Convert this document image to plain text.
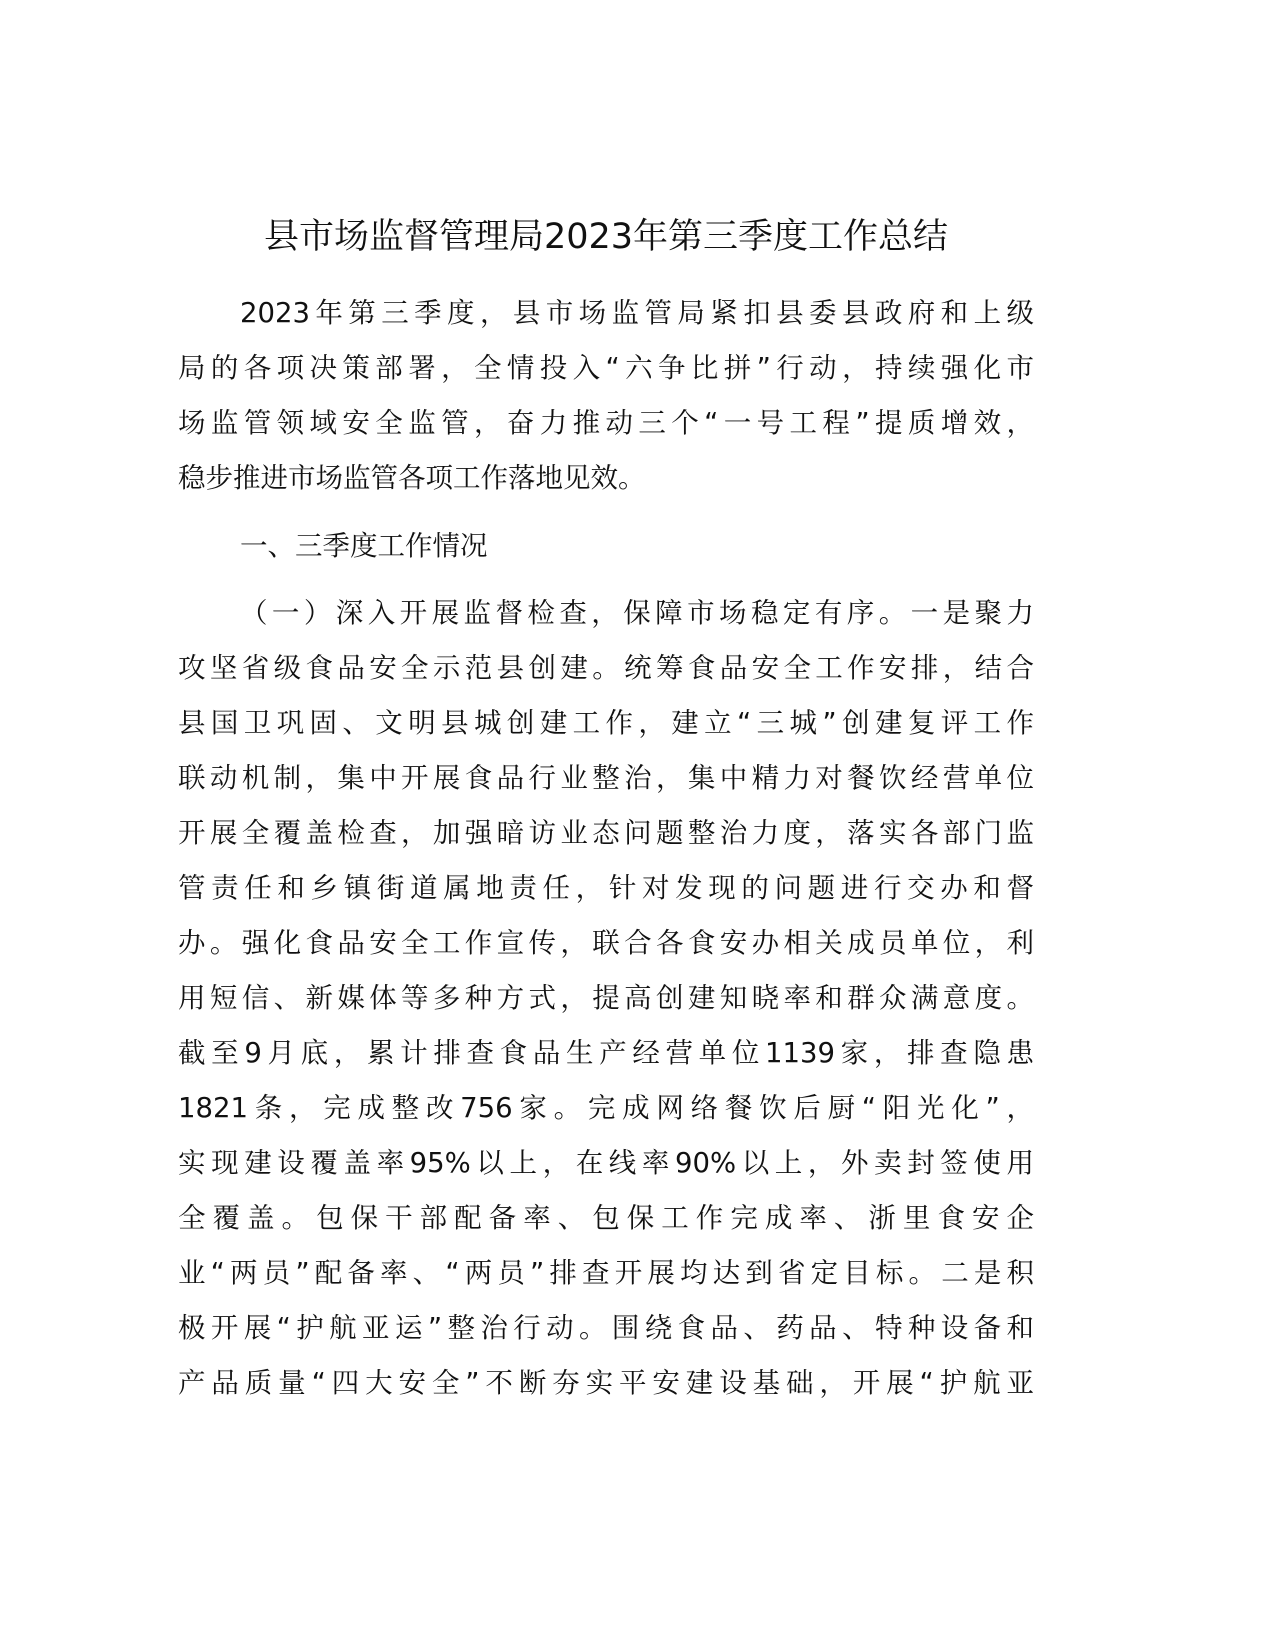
县市场监督管理局2023年第三季度工作总结
2023年第三季度，县市场监管局紧扣县委县政府和上级
局的各项决策部署，全情投入“六争比拼”行动，持续强化市
场监管领域安全监管，奋力推动三个“一号工程”提质增效，
稳步推进市场监管各项工作落地见效。
一、三季度工作情况
（一）深入开展监督检查，保障市场稳定有序。一是聚力
攻坚省级食品安全示范县创建。统筹食品安全工作安排，结合
县国卫巩固、文明县城创建工作，建立“三城”创建复评工作
联动机制，集中开展食品行业整治，集中精力对餐饮经营单位
开展全覆盖检查，加强暗访业态问题整治力度，落实各部门监
管责任和乡镇街道属地责任，针对发现的问题进行交办和督
办。强化食品安全工作宣传，联合各食安办相关成员单位，利
用短信、新媒体等多种方式，提高创建知晓率和群众满意度。
截至9月底，累计排查食品生产经营单位1139家，排查隐患
1821条，完成整改756家。完成网络餐饮后厨“阳光化”，
实现建设覆盖率95%以上，在线率90%以上，外卖封签使用
全覆盖。包保干部配备率、包保工作完成率、浙里食安企
业“两员”配备率、“两员”排查开展均达到省定目标。二是积
极开展“护航亚运”整治行动。围绕食品、药品、特种设备和
产品质量“四大安全”不断夯实平安建设基础，开展“护航亚
